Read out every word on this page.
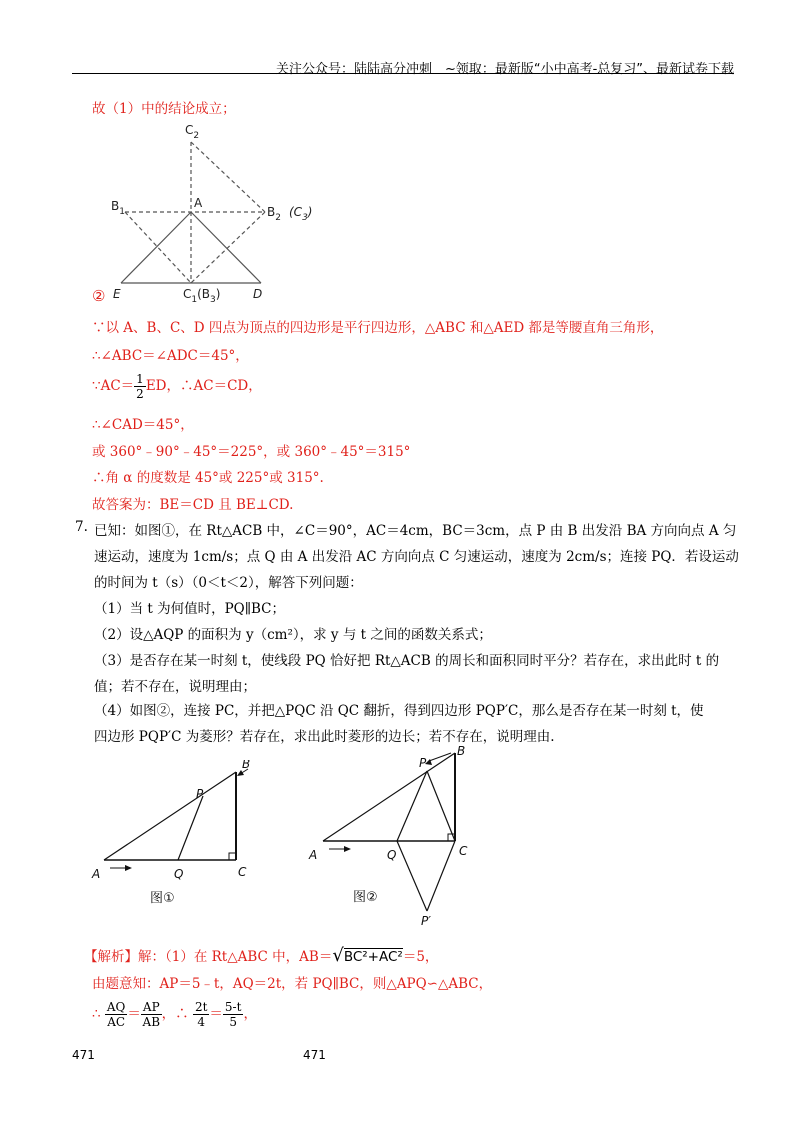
关注公众号：陆陆高分冲刺　~领取：最新版“小中高考-总复习”、最新试卷下载
故（1）中的结论成立；
$C_2$
A
$B_1$	$B_2$ $(C_3)$
E	$C_1(B_3)$	D
②
∵以 A、B、C、D 四点为顶点的四边形是平行四边形，△ABC 和△AED 都是等腰直角三角形，
∴∠ABC＝∠ADC＝45°，
∵AC＝ $\frac{1}{2}$ ED，∴AC＝CD，
∴∠CAD＝45°，
或 360°﹣90°﹣45°＝225°，或 360°﹣45°＝315°
∴角 α 的度数是 45°或 225°或 315°.
故答案为：BE＝CD 且 BE⊥CD.
7. 已知：如图①，在 Rt△ACB 中，∠C＝90°，AC＝4cm，BC＝3cm，点 P 由 B 出发沿 BA 方向向点 A 匀
速运动，速度为 1cm/s；点 Q 由 A 出发沿 AC 方向向点 C 匀速运动，速度为 2cm/s；连接 PQ．若设运动
的时间为 t（s）（0＜t＜2），解答下列问题：
（1）当 t 为何值时，PQ∥BC；
（2）设△AQP 的面积为 y（cm²），求 y 与 t 之间的函数关系式；
（3）是否存在某一时刻 t，使线段 PQ 恰好把 Rt△ACB 的周长和面积同时平分？若存在，求出此时 t 的
值；若不存在，说明理由；
（4）如图②，连接 PC，并把△PQC 沿 QC 翻折，得到四边形 PQP′C，那么是否存在某一时刻 t，使
四边形 PQP′C 为菱形？若存在，求出此时菱形的边长；若不存在，说明理由.
A
B
C
P
Q
图①
A
B
C
P
Q
P′
图②
【解析】解：（1）在 Rt△ABC 中，AB＝√BC²+AC²＝5，
由题意知：AP＝5﹣t，AQ＝2t，若 PQ∥BC，则△APQ∽△ABC，
∴ $\frac{AQ}{AC} = \frac{AP}{AB}$ ，∴ $\frac{2t}{4} = \frac{5-t}{5}$ ，
471	471
